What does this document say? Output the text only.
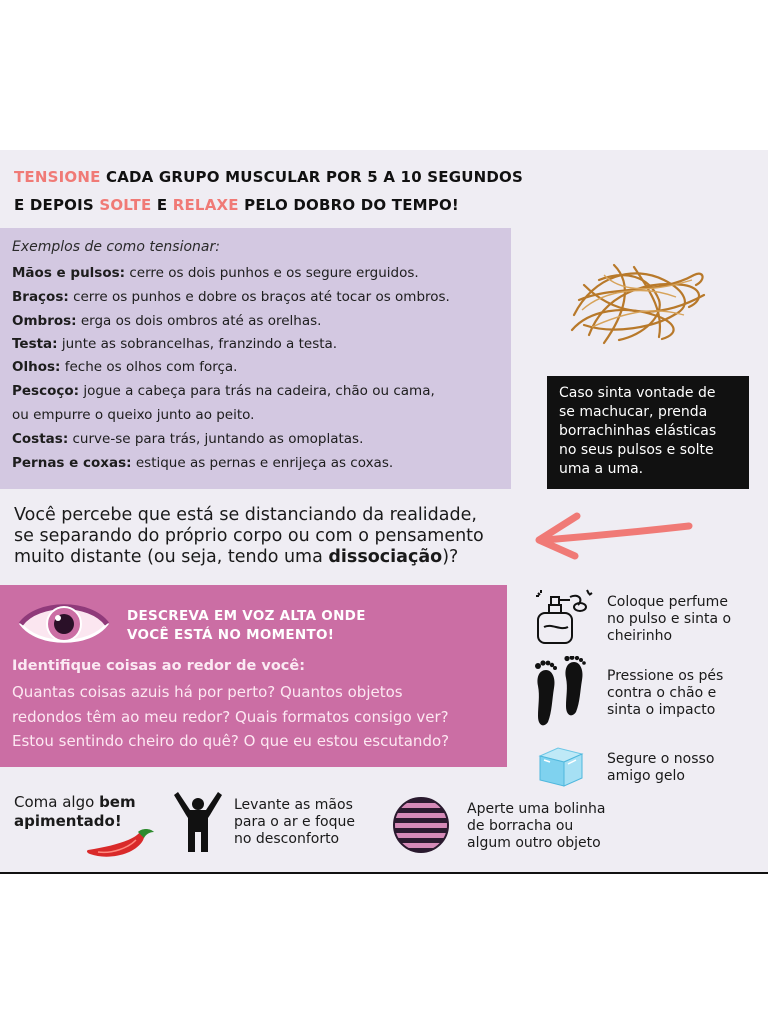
TENSIONE CADA GRUPO MUSCULAR POR 5 A 10 SEGUNDOS
E DEPOIS SOLTE E RELAXE PELO DOBRO DO TEMPO!
Exemplos de como tensionar:
Mãos e pulsos: cerre os dois punhos e os segure erguidos.
Braços: cerre os punhos e dobre os braços até tocar os ombros.
Ombros: erga os dois ombros até as orelhas.
Testa: junte as sobrancelhas, franzindo a testa.
Olhos: feche os olhos com força.
Pescoço: jogue a cabeça para trás na cadeira, chão ou cama,
ou empurre o queixo junto ao peito.
Costas: curve-se para trás, juntando as omoplatas.
Pernas e coxas: estique as pernas e enrijeça as coxas.
Caso sinta vontade de
se machucar, prenda
borrachinhas elásticas
no seus pulsos e solte
uma a uma.
Você percebe que está se distanciando da realidade,
se separando do próprio corpo ou com o pensamento
muito distante (ou seja, tendo uma dissociação)?
DESCREVA EM VOZ ALTA ONDE
VOCÊ ESTÁ NO MOMENTO!
Identifique coisas ao redor de você:
Quantas coisas azuis há por perto? Quantos objetos
redondos têm ao meu redor? Quais formatos consigo ver?
Estou sentindo cheiro do quê? O que eu estou escutando?
Coloque perfume
no pulso e sinta o
cheirinho
Pressione os pés
contra o chão e
sinta o impacto
Segure o nosso
amigo gelo
Coma algo bem
apimentado!
Levante as mãos
para o ar e foque
no desconforto
Aperte uma bolinha
de borracha ou
algum outro objeto
